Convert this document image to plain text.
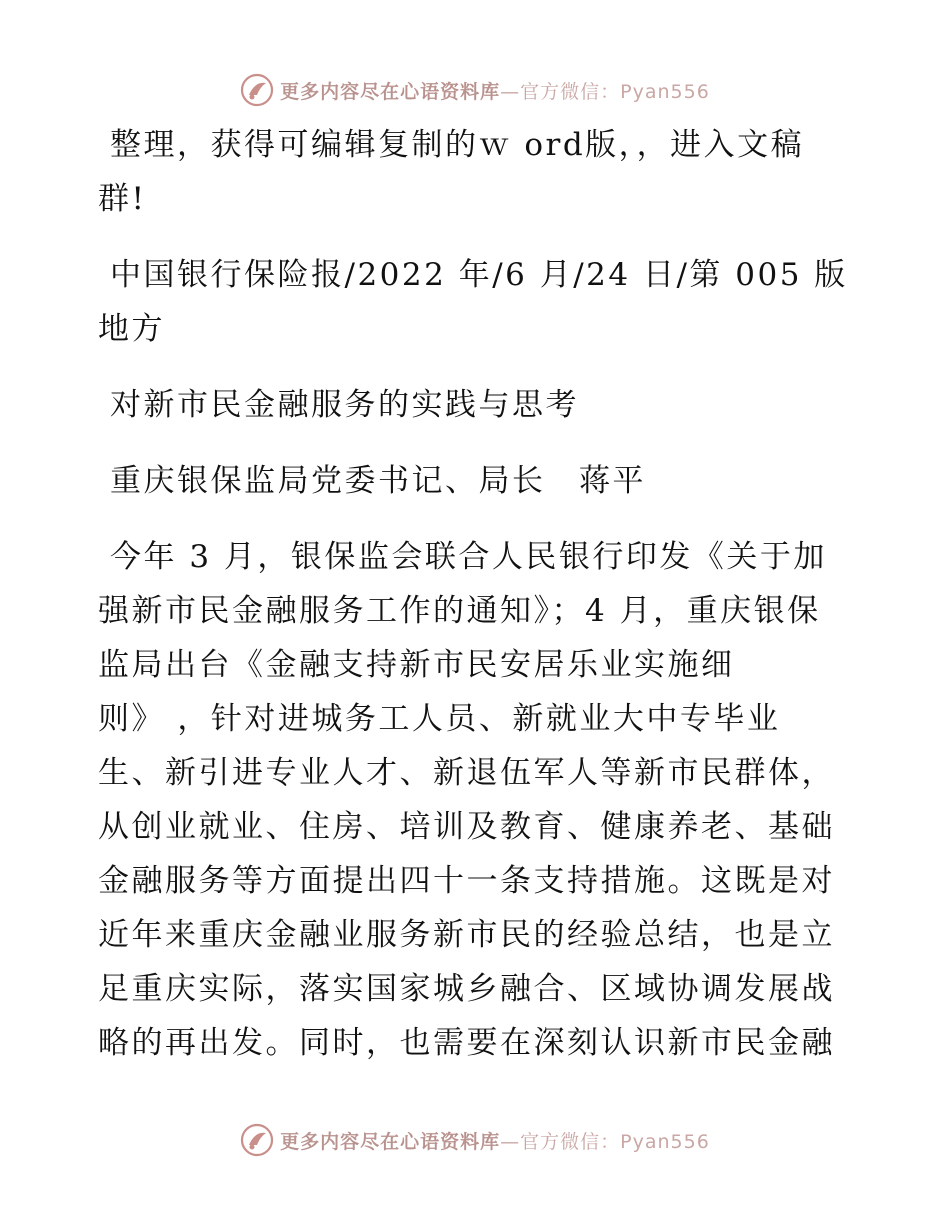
更多内容尽在心语资料库—官方微信：Pyan556
整理，获得可编辑复制的ｗ ord版，，进入文稿
群!
中国银行保险报/2022 年/6 月/24 日/第 005 版
地方
对新市民金融服务的实践与思考
重庆银保监局党委书记、局长　蒋平
今年 3 月，银保监会联合人民银行印发《关于加
强新市民金融服务工作的通知》；4 月，重庆银保
监局出台《金融支持新市民安居乐业实施细
则》 ，针对进城务工人员、新就业大中专毕业
生、新引进专业人才、新退伍军人等新市民群体，
从创业就业、住房、培训及教育、健康养老、基础
金融服务等方面提出四十一条支持措施。这既是对
近年来重庆金融业服务新市民的经验总结，也是立
足重庆实际，落实国家城乡融合、区域协调发展战
略的再出发。同时，也需要在深刻认识新市民金融
更多内容尽在心语资料库—官方微信：Pyan556
